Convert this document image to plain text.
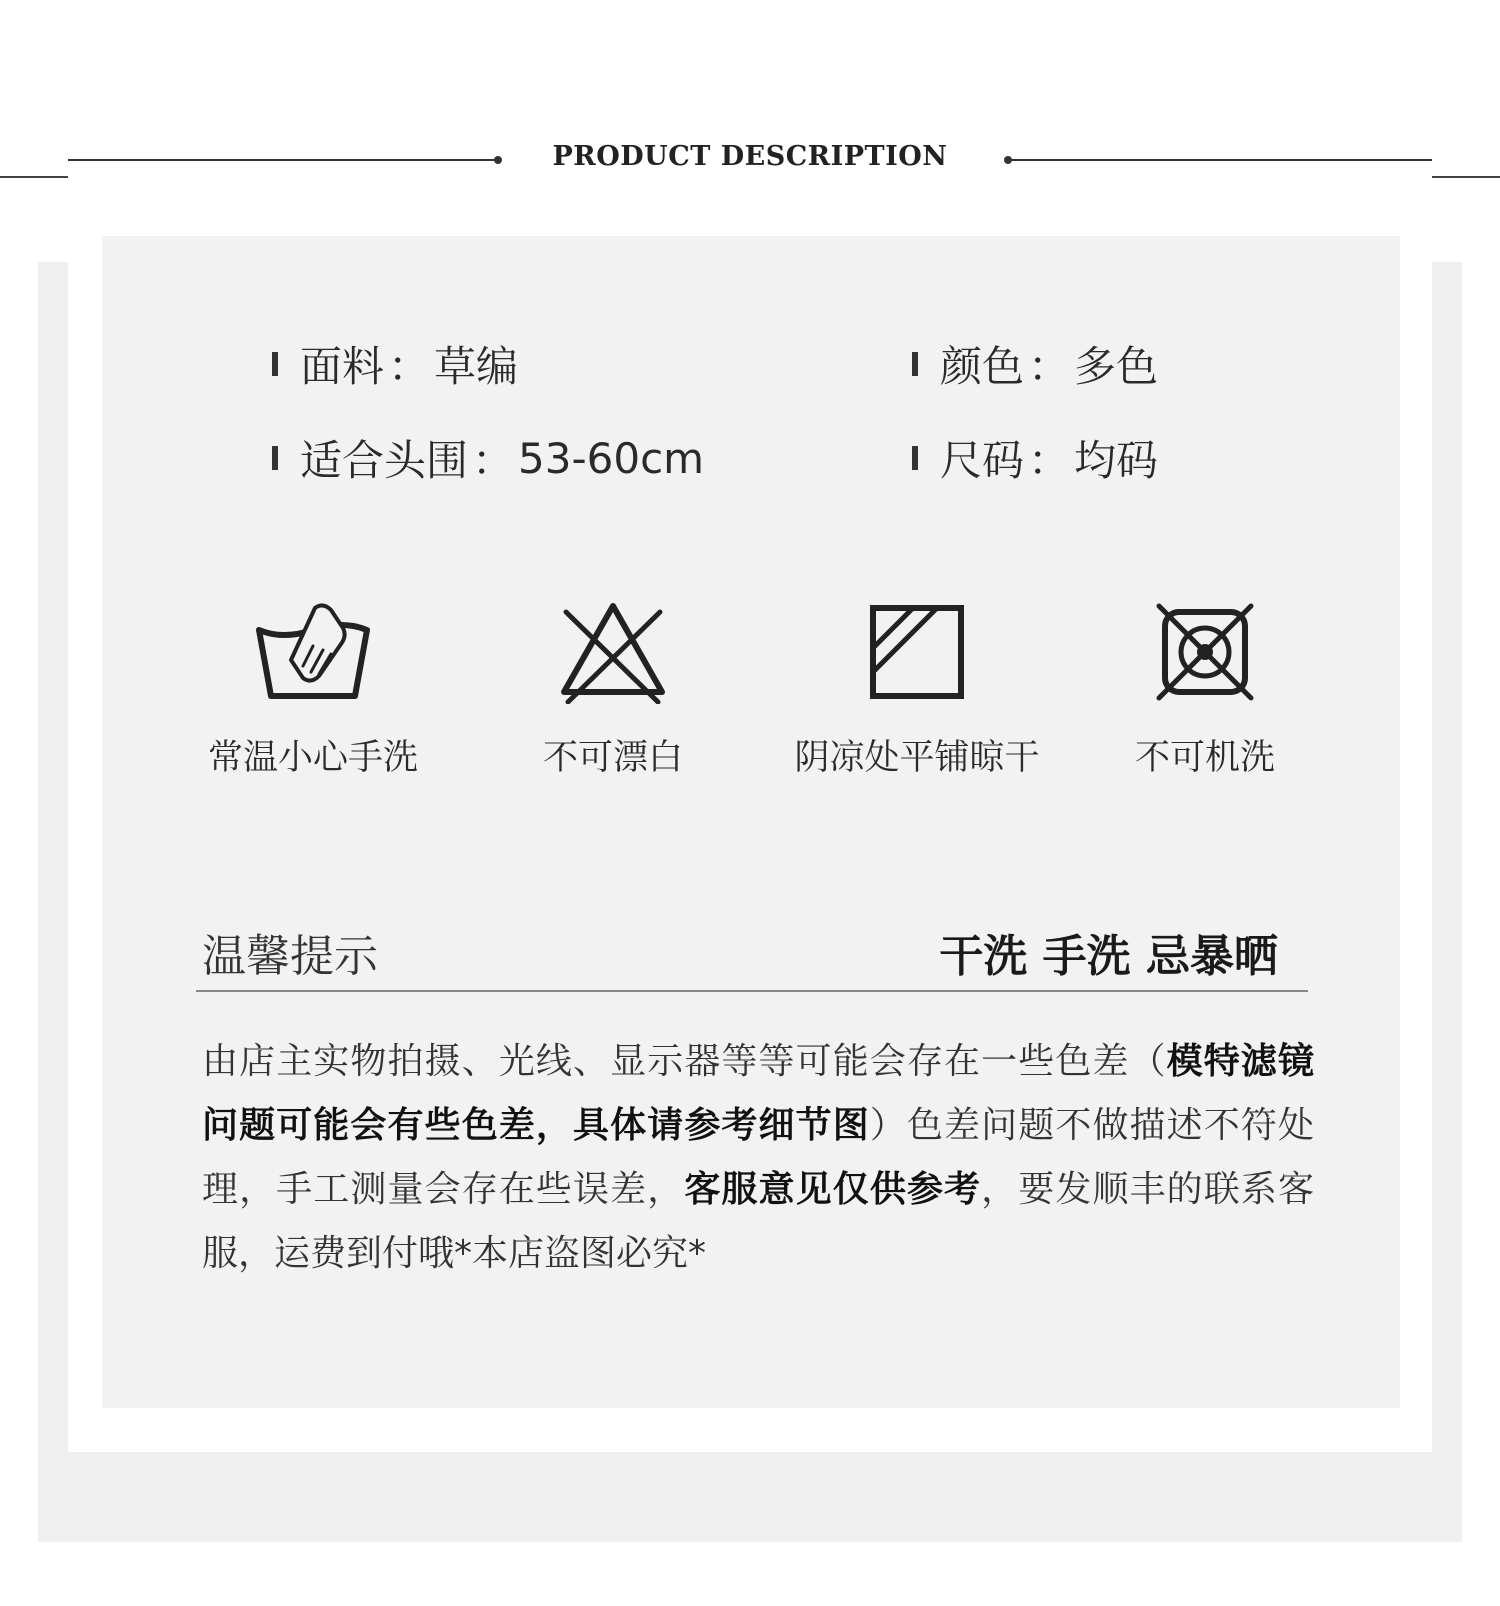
PRODUCT DESCRIPTION
面料 ： 草编	颜色 ： 多色
适合头围 ： 53-60cm	尺码 ： 均码
常温小心手洗	不可漂白	阴凉处平铺晾干	不可机洗
温馨提示	干洗 手洗 忌暴晒
由店主实物拍摄、光线、显示器等等可能会存在一些色差（模特滤镜问题可能会有些色差，具体请参考细节图）色差问题不做描述不符处理，手工测量会存在些误差，客服意见仅供参考，要发顺丰的联系客服，运费到付哦*本店盗图必究*
